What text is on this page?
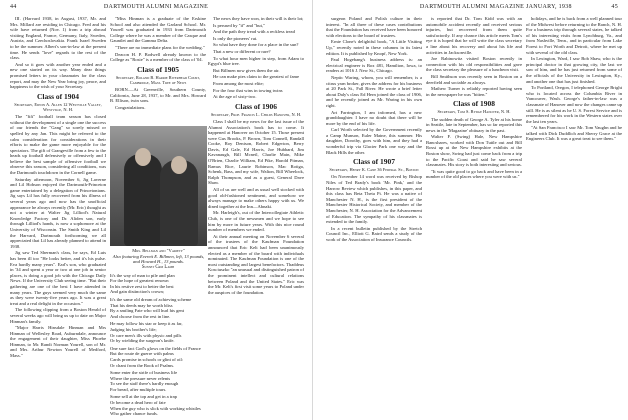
44	DARTMOUTH ALUMNI MAGAZINE

III. (Harvard 1938, in August, 1937, Mr. and Mrs. Millard are residing in Chicago. Fred and his wife have returned (Nov. 1) from a trip abroad visiting England, France, Germany, Italy, Sweden, Austria, and Czechoslovakia. Frank Israel Sweden to be the summer. Albert's son-in-law at the present time. He sends "love" regards to the rest of the class.

And so it goes with another year ended and a new one started on its way. Many dear things promised letters in your classmates for the class report, and may the New Year bring joy, peace, and happiness to the wish of your Secretary.

Class of 1904
Secretary, Edwin A. Allen 12 Westville Valley, Westville, N. H.

The "fifi" football team season has closed without the development of a single one the success of our friends the "Gang" so sorely missed or spelled by any Jan. This might be referred to the calm consideration for considerations in their efforts to make the game more enjoyable for the spectators. The gift of Grangeville from a few to the heads up football defensively or offensively and I believe the best sample of offensive football we observe this season, considering all conditions, was the Dartmouth touchdown in the Cornell game.

Saturday afternoon, November 6, Jig Laverne and Lil Hobson enjoyed the Dartmouth-Princeton game entertained by a delegation of Princetonians. Jig says Lil has fully recovered from his illness of several years ago and now has the unofficial appearance he always recently (Mr. Eric) thought as not a winter at Walter Jig Lilliod's Natural Knowledge Factory and Dr. Aliden son, early through Lilliod's hands, is now a sophomore at the University of Wisconsin. The Smith King and Lil the Harvard, Dartmouth forthcoming we all appreciated that Lil has already planned to attend in 1938.

Jig saw Ted Sherman's class, he says, Ed Luts has been ill too "He looks better, and it's his pulse. Eva hardly many years". Earl's son, who graduated in '34 and spent a year or two at one job in senior places, is doing a good job with the Chicago Daily News. If the University Club seeing time. "But their gathering are one of the best I have attended in many years. The guys seemed very much the same as they were twenty-five years ago. It was a great treat and a real delight in the occasion."

The following clipping from a Boston Herald of several weeks ago will bring us up to date on Major Hinman's family.

"Major Harris Hinsdale Hinman and Mrs Hinman of Wellesley Road, Auburndale, announce the engagement of their daughter, Miss Phoebe Hinman, to Mr. Randi Norman Yourell, son of Mr. and Mrs. Arthur Newton Yourell of Medford, Mass."

"Miss Hinman is a graduate of the Erskine School and also attended the Garland School. Mr. Yourell was graduated in 1933 from Dartmouth College where he was a member of the Casque and Gauntlet and the Gamma Delta.

"There are no immediate plans for the wedding."

Deacon H. P. Bodwell already known to the College as "Rosie" is a member of the class of '04.

Class of 1905
Secretary, Roland B. Harrie Riverhead Court, Cambridge, Mass. Tree of News

BORN.—At Greenville, Southern County, California, June 28, 1937, to Mr. and Mrs. Howard B. Ellison, twin sons.

Congratulations.

Mrs. Bellman and "Variety"
Also featuring Everett E. Billmen, left, 13 pounds, and Howard H., 13 pounds.
Sunset Crm Lamb

It's the way of man to pile and plan

For the hope of greatest renown

In his restive zest to better the best

And gain distinction's crown;

It's the same old dream of achieving scheme

That his deeds may be worth bliss

By a smiling Fate who will hurl his gent

And choose from the rest in line.

He may follow his star or keep it as far,

Judging his brother's life;

Or care men's ills with physic and pills

Or by wielding the surgeon's knife.

One sure fact God's glows on the fields of France

But the route de guerre with palms

Cards promise in schools or glint of oil:

Or chant from the Book of Psalms.

Some enter the strife of business life

Where the pressure never relents

To see the staff there's hardly enough

For bread, after multiple tours.

Some sell at the top and get in a trap

Or become a dead hero of fate

When the guy who is slick with working whistles

Who gather chance funds.

The news they have won, in their will is their lot;

Is perused by "if" and "but,"

And the path they tread with a reckless tread

Is only the pioneers' rut.

So what have they done for a place in the sun?

That a new or different or rare?

To what hour men higher in step, from Adam to Egypt's blue tree.

But Billmen now gives them the air.

He can make pies claim to the greatest of fame

From among the most elite;

For the four that wins in towing twins

At the age of sixty-two.

Class of 1906
Secretary, Prof. Francis L. Childs Hanover, N. H.

Class I shall be my news for the last issue of the Alumni Association's book has to come. It happened at Hanover on October 15. Those present were Gus Brooks, P. Brown, Tom Connell, Randall Cooke, Roy Denison, Robert Edgerton, Berry Davis, Ed Gale, Ed Harris, Joe Hubbard, Jim Kavanaugh, Bill Mcneil, Charlie Main, Mike O'Brien, Charlie William, Ed Pike, Harold Pitman, Ramus Rice, Laurie Robinson, Mac Rotiga, Schenk, Bass, and my wife, Walton, Bill Wheelock, Ralph Thompson, and as a guest, General Dave Shaw.

All of us are well and as usual well stocked with good old-fashioned sentiment, and somehow we always manage to make others happy with us. We dined together at the Inn—Abnaki.

Mr. Harleigh's, out of the Intercollegiate Athletic Club, is one of the newsmen and we hope to see him by more in future years. With this nice round number of members we ended.

At their annual meeting on November 6 several of the trustees of the Kaufman Foundation announced that Eric Kelt had been unanimously elected as a member of the board with individuals nominated. The Kaufman Foundation is one of the most outstanding and largest benefactors. Thaddeus Kosciuszko "an unusual and distinguished patron of the prominent intellect and cultural relations between Poland and the United States." Eric was the Mr. Kelt's first visit some years to Poland under the auspices of the foundation.

DARTMOUTH ALUMNI MAGAZINE JANUARY, 1938	45

surgeon Poland and Polish culture in their interest. "In all three of these cases contributions that the Foundation has received have been honored with elections to the board of trustees.

Ernie Clone's delightful book, "A Little Visiting Up," recently noted in these columns in its latest edition. It is published by Knopf, New York.

Paul Hogebang's business address is: an electrical engineer is Box 481, Hamilton, Iowa, to readers at 1016 J. New St., Chicago.

Neptic Waring, whom, you will remember, is a citrus yarn broker, gives the address for his business at 20 Park St., Fall River. He wrote a brief letter about Daly's class Ed Hern joined the class of 1906, and he recently joined as Mr. Waring in his own right.

Art Farrington, I am informed, has a new granddaughter. I have no doubt that there will be more by the end of his life.

Carl Worth selected by the Government recently a Camp Munson, Euler Maine, this summer. His daughter, Dorothy, goes with him, and they had a wonderful trip via Glacier Park one way and the Black Hills the other.

Class of 1907
Secretary, Henry K. Cane 36 Federal St., Boston

On November 14 word was received by Bishop Niles of Ted Brady's book 'Mr. Pink,' and the Harrow Review which publishes, in this paper, and this class has Beta Theta Pi. He was a native of Manchester N. H., is the first president of the Manchester Historical Society, and member of the Manchester, N. H. Association for the Advancement of Education. The sympathy of his classmates is extended to the family.

In a recent bulletin published by the Stretch Council Inc., Elliott G. Baird sends a study of the work of the Association of Insurance Councils.

is reported that Dr. Tom Kidd was with an automobile accident recently and received serious injuries, but recovered from them quite satisfactorily. If any chance this article meets Tom's eye it is hoped that he will write the class secretary a line about his recovery and about his life and activities in Jacksonville.

Joe Rabinowitz visited Boston recently in connection with his old responsibilities and gave the class secretary the pleasure of a luncheon visit.

Bill Smithson was recently seen in Boston on a deerfield and sociable as always.

Mathew Turner is reliably reported having seen in the newspaper he was "bitten."

Class of 1908
Secretary, Tom S. Rydge Hanover, N. H.

The sudden death of George A. Tyler at his home in Seattle, late in September, has so far reported this news in the 'Magazine' obituary in the past.

Walter F. (Swing) Hale, New Hampshire Bancshares, worked with Don Tuttle out and Bill Rossi up at the New Hampshire exhibits at the Boston show, Swing had just come back from a trip to the Pacific Coast and said he saw several classmates. His story is both interesting and serious.

"It was quite good to go back and have been in a number of the old places where you were with us."

holidays, and he is back from a well planned tour of the Midwest before returning to the Ranch, N. H. For a business trip through several states, he talked of his interesting visits from Lynchburg, Va., and from Nashville, Tenn., and in particular from Lake Forest to Fort Worth and Detroit, where he met up with several of the old class.

In Lexington, Ward, I saw Bob Shaw, who is the principal doctor in that growing city, the last we saw of him, and he has just returned from some of the officials of the University in Lexington, Ky., and another one that has just finished.

To Portland, Oregon, I telephoned George Bright who is located across the Columbia River in Vancouver, Wash. George's father-in-law was a classmate of Hanover and now the changes came up still. He is as silent as he U. S. Forest Service and is remembered for his work in the Western states over the last ten years.

"At San Francisco I saw Mr. Tom Vaughn and he talked with Dick Duddlich and Sherry Grace at the Engineers Club. It was a great treat to see them."
